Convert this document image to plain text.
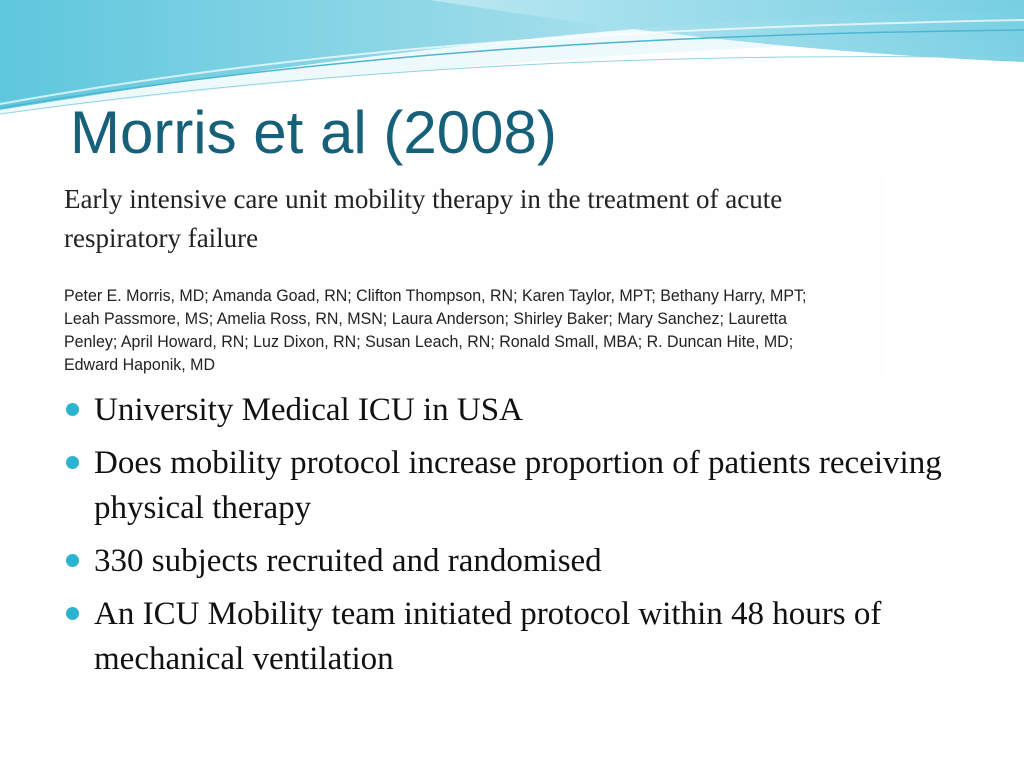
Morris et al (2008)

Early intensive care unit mobility therapy in the treatment of acute respiratory failure

Peter E. Morris, MD; Amanda Goad, RN; Clifton Thompson, RN; Karen Taylor, MPT; Bethany Harry, MPT; Leah Passmore, MS; Amelia Ross, RN, MSN; Laura Anderson; Shirley Baker; Mary Sanchez; Lauretta Penley; April Howard, RN; Luz Dixon, RN; Susan Leach, RN; Ronald Small, MBA; R. Duncan Hite, MD; Edward Haponik, MD

University Medical ICU in USA
Does mobility protocol increase proportion of patients receiving physical therapy
330 subjects recruited and randomised
An ICU Mobility team initiated protocol within 48 hours of mechanical ventilation
